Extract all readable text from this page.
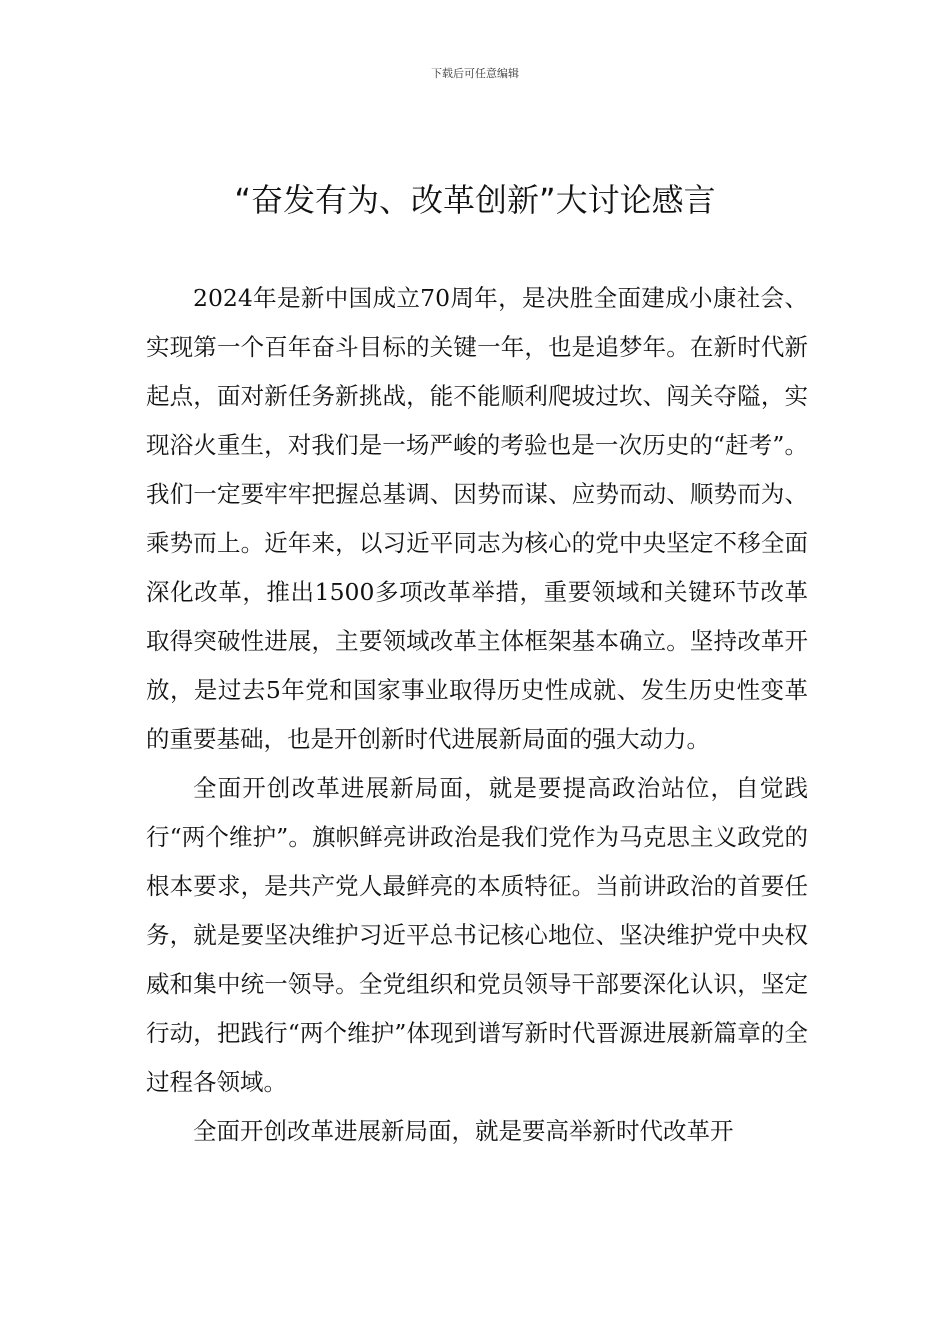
下载后可任意编辑
“奋发有为、改革创新”大讨论感言

2024年是新中国成立70周年，是决胜全面建成小康社会、实现第一个百年奋斗目标的关键一年，也是追梦年。在新时代新起点，面对新任务新挑战，能不能顺利爬坡过坎、闯关夺隘，实现浴火重生，对我们是一场严峻的考验也是一次历史的“赶考”。我们一定要牢牢把握总基调、因势而谋、应势而动、顺势而为、乘势而上。近年来，以习近平同志为核心的党中央坚定不移全面深化改革，推出1500多项改革举措，重要领域和关键环节改革取得突破性进展，主要领域改革主体框架基本确立。坚持改革开放，是过去5年党和国家事业取得历史性成就、发生历史性变革的重要基础，也是开创新时代进展新局面的强大动力。

全面开创改革进展新局面，就是要提高政治站位，自觉践行“两个维护”。旗帜鲜亮讲政治是我们党作为马克思主义政党的根本要求，是共产党人最鲜亮的本质特征。当前讲政治的首要任务，就是要坚决维护习近平总书记核心地位、坚决维护党中央权威和集中统一领导。全党组织和党员领导干部要深化认识，坚定行动，把践行“两个维护”体现到谱写新时代晋源进展新篇章的全过程各领域。

全面开创改革进展新局面，就是要高举新时代改革开
